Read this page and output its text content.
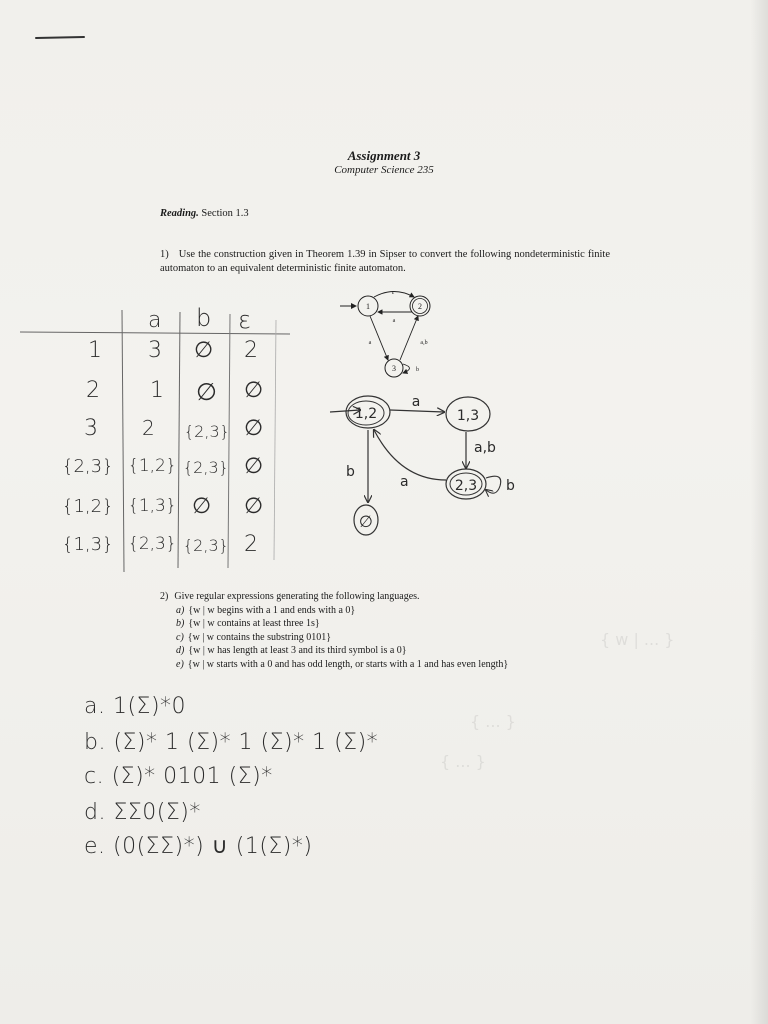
{ w | ... }
{ ... }
{ ... }
Assignment 3
Computer Science 235
Reading. Section 1.3
1) Use the construction given in Theorem 1.39 in Sipser to convert the following nondeterministic finite automaton to an equivalent deterministic finite automaton.
1	2
3
ε
a
a	a,b
b
a b ε
1 3 ∅ 2
2 1 ∅ ∅
3 2 {2,3} ∅
{2,3} {1,2} {2,3} ∅
{1,2} {1,3} ∅ ∅
{1,3} {2,3} {2,3} 2
1,2
a
1,3
a,b
2,3 b
a
b
∅
2) Give regular expressions generating the following languages.
a) {w | w begins with a 1 and ends with a 0}
b) {w | w contains at least three 1s}
c) {w | w contains the substring 0101}
d) {w | w has length at least 3 and its third symbol is a 0}
e) {w | w starts with a 0 and has odd length, or starts with a 1 and has even length}
a. 1(Σ)*0
b. (Σ)* 1 (Σ)* 1 (Σ)* 1 (Σ)*
c. (Σ)* 0101 (Σ)*
d. ΣΣ0(Σ)*
e. (0(ΣΣ)*) ∪ (1(Σ)*)
